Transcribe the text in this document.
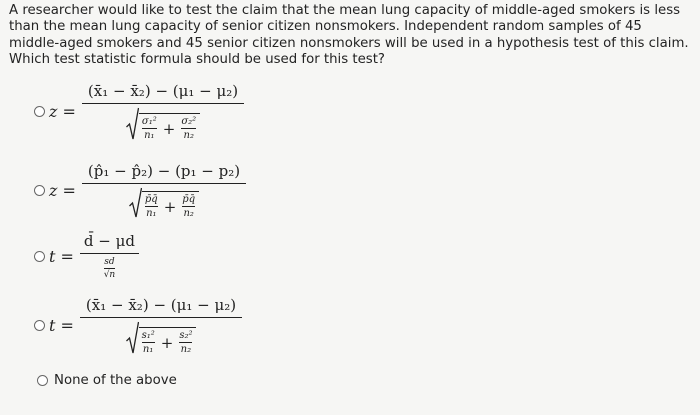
A researcher would like to test the claim that the mean lung capacity of middle-aged smokers is less than the mean lung capacity of senior citizen nonsmokers. Independent random samples of 45 middle-aged smokers and 45 senior citizen nonsmokers will be used in a hypothesis test of this claim. Which test statistic formula should be used for this test?
z = (x̄₁ − x̄₂) − (μ₁ − μ₂)
σ₁²
n₁ + σ₂²
n₂
z = (p̂₁ − p̂₂) − (p₁ − p₂)
p̄q̄
n₁ + p̄q̄
n₂
t = d̄ − μd
sd
√n
t = (x̄₁ − x̄₂) − (μ₁ − μ₂)
s₁²
n₁ + s₂²
n₂
None of the above
